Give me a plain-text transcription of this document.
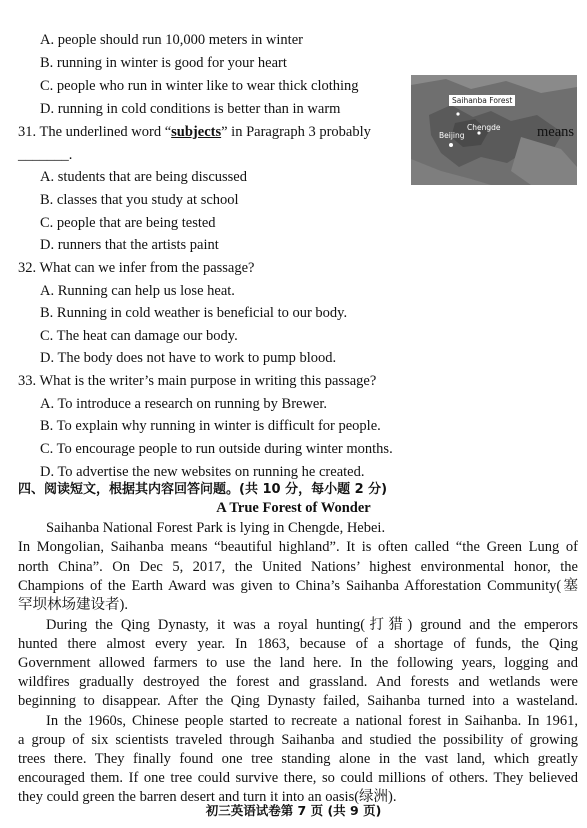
A. people should run 10,000 meters in winter
B. running in winter is good for your heart
C. people who run in winter like to wear thick clothing
D. running in cold conditions is better than in warm
Saihanba Forest
Chengde
Beijing
31. The underlined word “subjects” in Paragraph 3 probably	means
_______.
A. students that are being discussed
B. classes that you study at school
C. people that are being tested
D. runners that the artists paint
32. What can we infer from the passage?
A. Running can help us lose heat.
B. Running in cold weather is beneficial to our body.
C. The heat can damage our body.
D. The body does not have to work to pump blood.
33. What is the writer’s main purpose in writing this passage?
A. To introduce a research on running by Brewer.
B. To explain why running in winter is difficult for people.
C. To encourage people to run outside during winter months.
D. To advertise the new websites on running he created.
四、阅读短文，根据其内容回答问题。(共 10 分，每小题 2 分)
A True Forest of Wonder
Saihanba National Forest Park is lying in Chengde, Hebei.
In Mongolian, Saihanba means “beautiful highland”. It is often called “the Green Lung of
north China”. On Dec 5, 2017, the United Nations’ highest environmental honor, the
Champions of the Earth Award was given to China’s Saihanba Afforestation Community(塞
罕坝林场建设者).
During the Qing Dynasty, it was a royal hunting(打猎) ground and the emperors
hunted there almost every year. In 1863, because of a shortage of funds, the Qing
Government allowed farmers to use the land here. In the following years, logging and
wildfires gradually destroyed the forest and grassland. And forests and wetlands were
beginning to disappear. After the Qing Dynasty failed, Saihanba turned into a wasteland.
In the 1960s, Chinese people started to recreate a national forest in Saihanba. In 1961,
a group of six scientists traveled through Saihanba and studied the possibility of growing
trees there. They finally found one tree standing alone in the vast land, which greatly
encouraged them. If one tree could survive there, so could millions of others. They believed
they could green the barren desert and turn it into an oasis(绿洲).
初三英语试卷第 7 页 (共 9 页)
